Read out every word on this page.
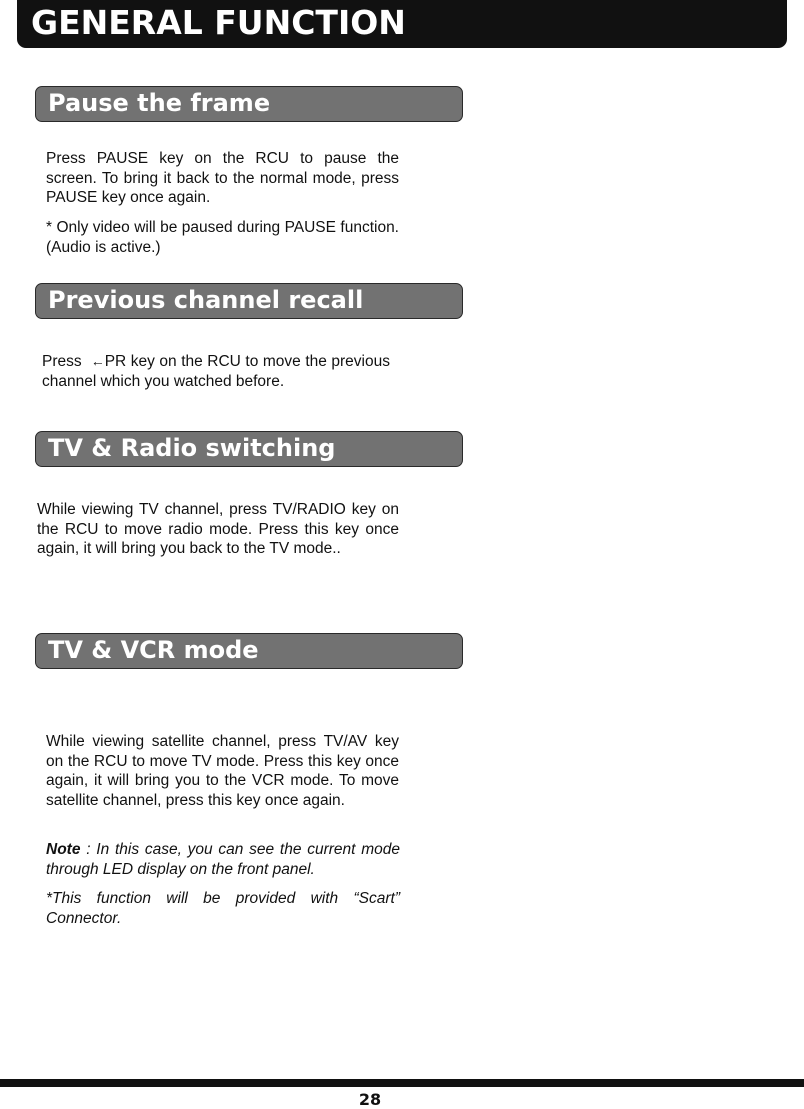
GENERAL FUNCTION
Pause the frame

Press PAUSE key on the RCU to pause the screen. To bring it back to the normal mode, press PAUSE key once again.

* Only video will be paused during PAUSE function. (Audio is active.)

Previous channel recall

Press ←PR key on the RCU to move the previous channel which you watched before.

TV & Radio switching

While viewing TV channel, press TV/RADIO key on the RCU to move radio mode. Press this key once again, it will bring you back to the TV mode..

TV & VCR mode

While viewing satellite channel, press TV/AV key on the RCU to move TV mode. Press this key once again, it will bring you to the VCR mode. To move satellite channel, press this key once again.

Note : In this case, you can see the current mode through LED display on the front panel.

*This function will be provided with “Scart” Connector.

28
